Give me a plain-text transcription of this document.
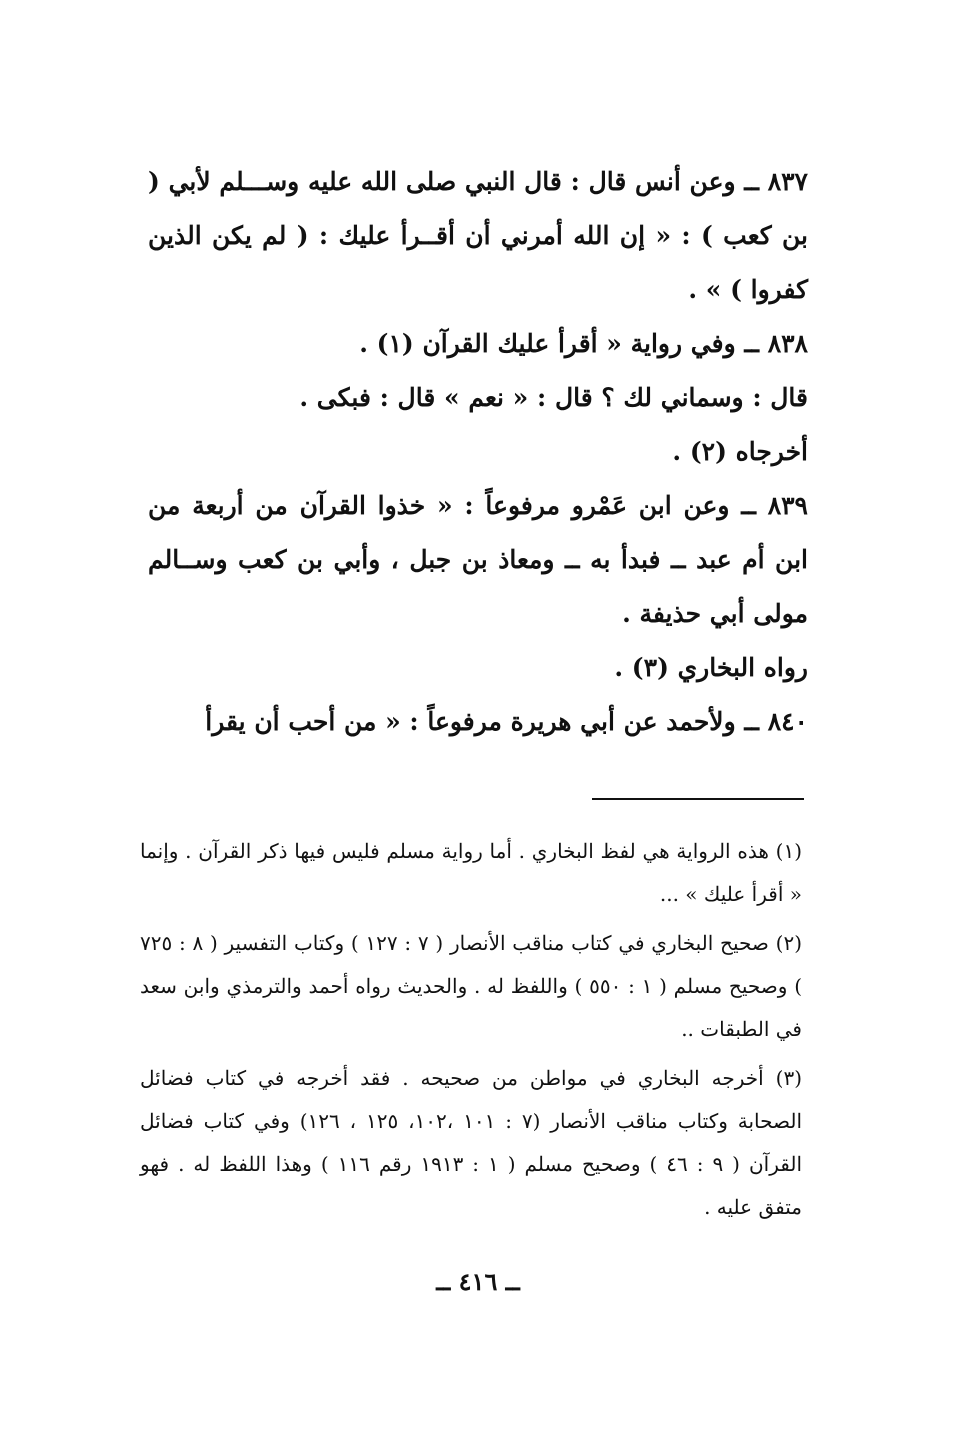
٨٣٧ ــ وعن أنس قال : قال النبي صلى الله عليه وســـلم لأبي ( بن كعب ) : « إن الله أمرني أن أقــرأ عليك : ( لم يكن الذين كفروا ) » .

٨٣٨ ــ وفي رواية « أقرأ عليك القرآن (١) .

قال : وسماني لك ؟ قال : « نعم » قال : فبكى .

أخرجاه (٢) .

٨٣٩ ــ وعن ابن عَمْرو مرفوعاً : « خذوا القرآن من أربعة من ابن أم عبد ــ فبدأ به ــ ومعاذ بن جبل ، وأبي بن كعب وســالم مولى أبي حذيفة .

رواه البخاري (٣) .

٨٤٠ ــ ولأحمد عن أبي هريرة مرفوعاً : « من أحب أن يقرأ

(١) هذه الرواية هي لفظ البخاري . أما رواية مسلم فليس فيها ذكر القرآن . وإنما « أقرأ عليك » ...

(٢) صحيح البخاري في كتاب مناقب الأنصار ( ٧ : ١٢٧ ) وكتاب التفسير ( ٨ : ٧٢٥ ) وصحيح مسلم ( ١ : ٥٥٠ ) واللفظ له . والحديث رواه أحمد والترمذي وابن سعد في الطبقات ..

(٣) أخرجه البخاري في مواطن من صحيحه . فقد أخرجه في كتاب فضائل الصحابة وكتاب مناقب الأنصار (٧ : ١٠١ ،١٠٢، ١٢٥ ، ١٢٦) وفي كتاب فضائل القرآن ( ٩ : ٤٦ ) وصحيح مسلم ( ١ : ١٩١٣ رقم ١١٦ ) وهذا اللفظ له . فهو متفق عليه .

ــ ٤١٦ ــ
